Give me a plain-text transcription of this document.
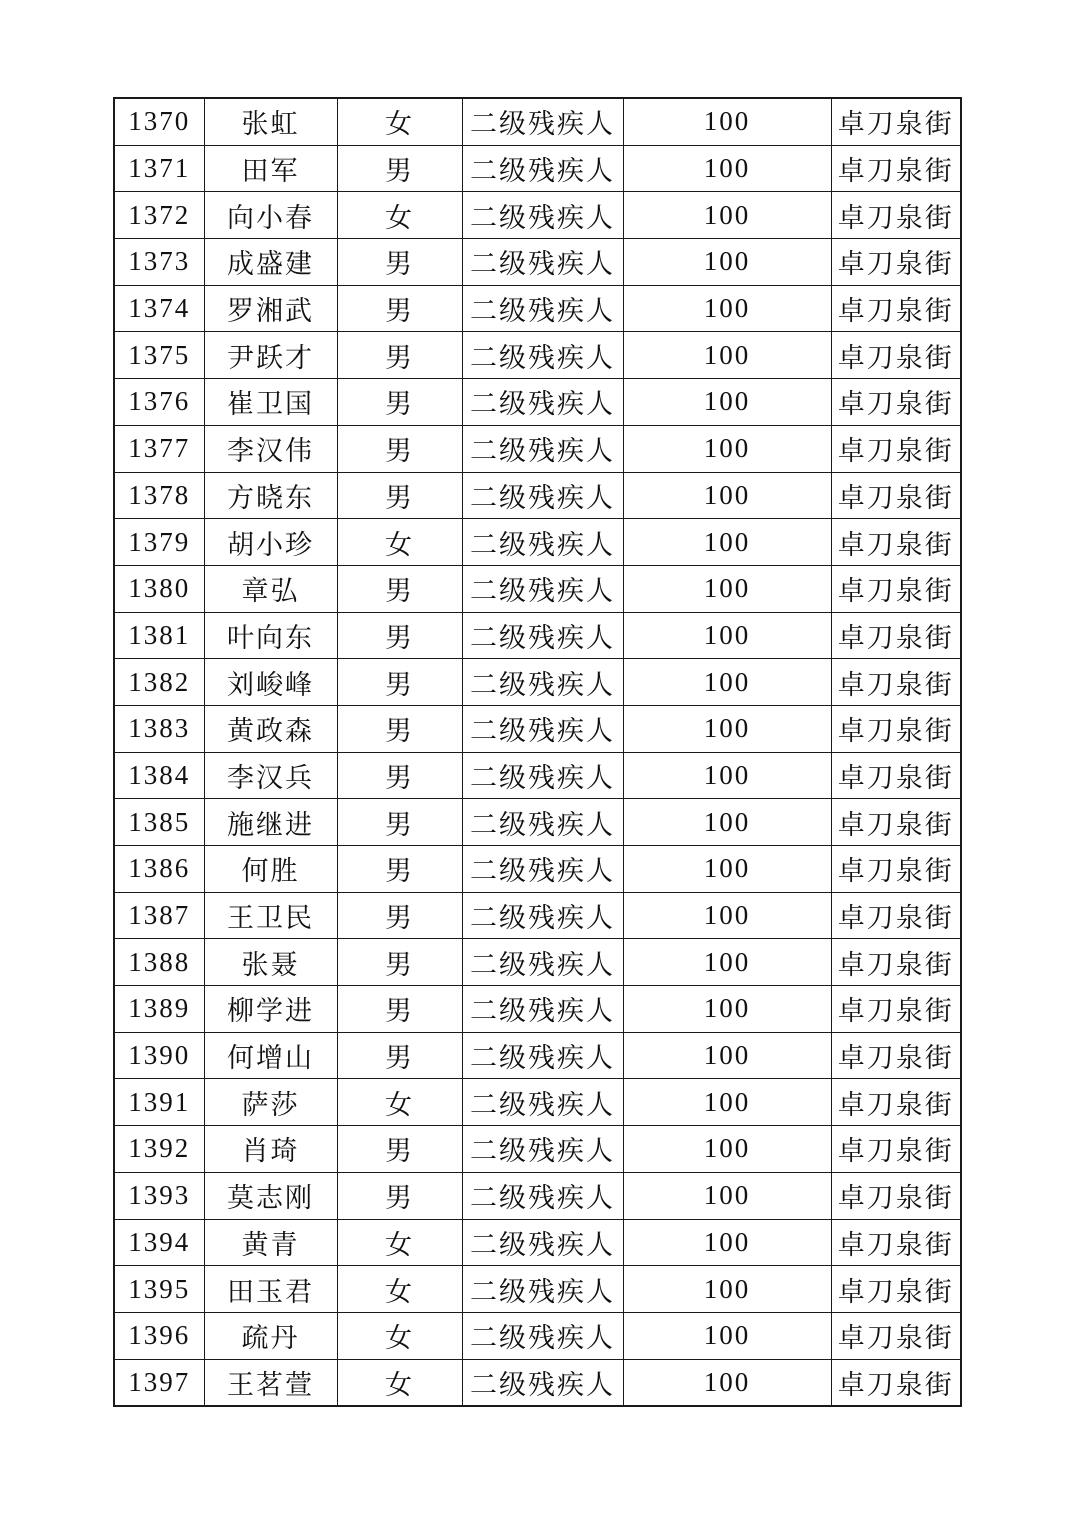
1370	张虹	女	二级残疾人	100	卓刀泉街
1371	田军	男	二级残疾人	100	卓刀泉街
1372	向小春	女	二级残疾人	100	卓刀泉街
1373	成盛建	男	二级残疾人	100	卓刀泉街
1374	罗湘武	男	二级残疾人	100	卓刀泉街
1375	尹跃才	男	二级残疾人	100	卓刀泉街
1376	崔卫国	男	二级残疾人	100	卓刀泉街
1377	李汉伟	男	二级残疾人	100	卓刀泉街
1378	方晓东	男	二级残疾人	100	卓刀泉街
1379	胡小珍	女	二级残疾人	100	卓刀泉街
1380	章弘	男	二级残疾人	100	卓刀泉街
1381	叶向东	男	二级残疾人	100	卓刀泉街
1382	刘峻峰	男	二级残疾人	100	卓刀泉街
1383	黄政森	男	二级残疾人	100	卓刀泉街
1384	李汉兵	男	二级残疾人	100	卓刀泉街
1385	施继进	男	二级残疾人	100	卓刀泉街
1386	何胜	男	二级残疾人	100	卓刀泉街
1387	王卫民	男	二级残疾人	100	卓刀泉街
1388	张聂	男	二级残疾人	100	卓刀泉街
1389	柳学进	男	二级残疾人	100	卓刀泉街
1390	何增山	男	二级残疾人	100	卓刀泉街
1391	萨莎	女	二级残疾人	100	卓刀泉街
1392	肖琦	男	二级残疾人	100	卓刀泉街
1393	莫志刚	男	二级残疾人	100	卓刀泉街
1394	黄青	女	二级残疾人	100	卓刀泉街
1395	田玉君	女	二级残疾人	100	卓刀泉街
1396	疏丹	女	二级残疾人	100	卓刀泉街
1397	王茗萱	女	二级残疾人	100	卓刀泉街
